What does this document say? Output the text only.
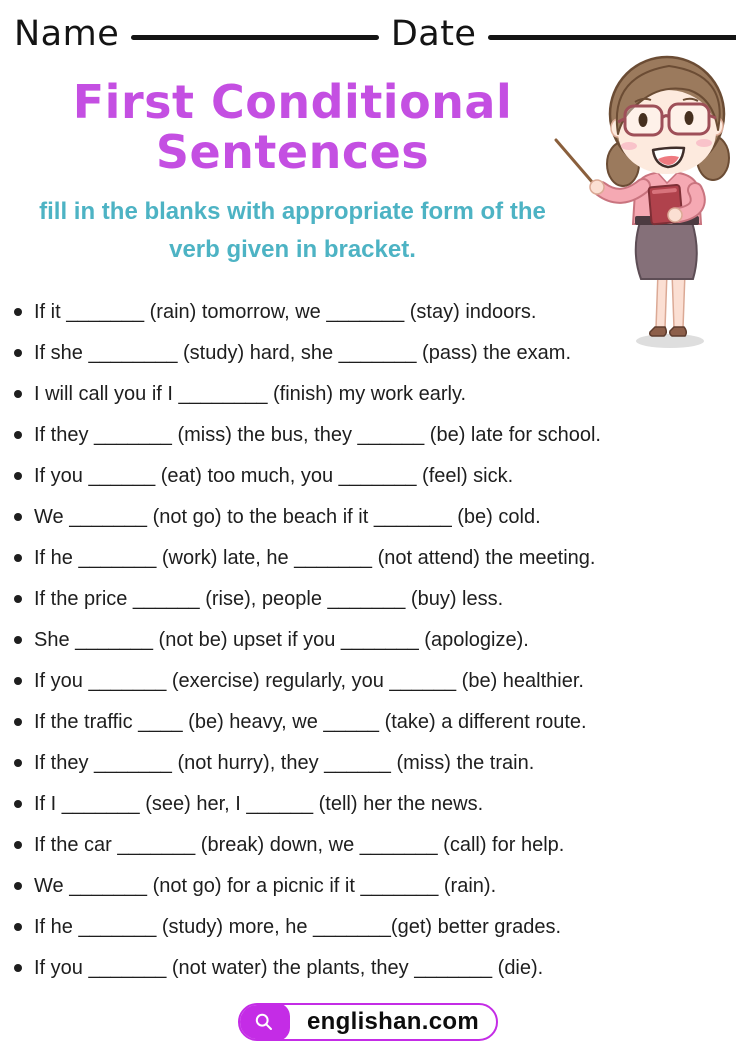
Name	Date
First Conditional
Sentences
fill in the blanks with appropriate form of the verb given in bracket.
If it _______ (rain) tomorrow, we _______ (stay) indoors.
If she ________ (study) hard, she _______ (pass) the exam.
I will call you if I ________ (finish) my work early.
If they _______ (miss) the bus, they ______ (be) late for school.
If you ______ (eat) too much, you _______ (feel) sick.
We _______ (not go) to the beach if it _______ (be) cold.
If he _______ (work) late, he _______ (not attend) the meeting.
If the price ______ (rise), people _______ (buy) less.
She _______ (not be) upset if you _______ (apologize).
If you _______ (exercise) regularly, you ______ (be) healthier.
If the traffic ____ (be) heavy, we _____ (take) a different route.
If they _______ (not hurry), they ______ (miss) the train.
If I _______ (see) her, I ______ (tell) her the news.
If the car _______ (break) down, we _______ (call) for help.
We _______ (not go) for a picnic if it _______ (rain).
If he _______ (study) more, he _______(get) better grades.
If you _______ (not water) the plants, they _______ (die).
englishan.com
